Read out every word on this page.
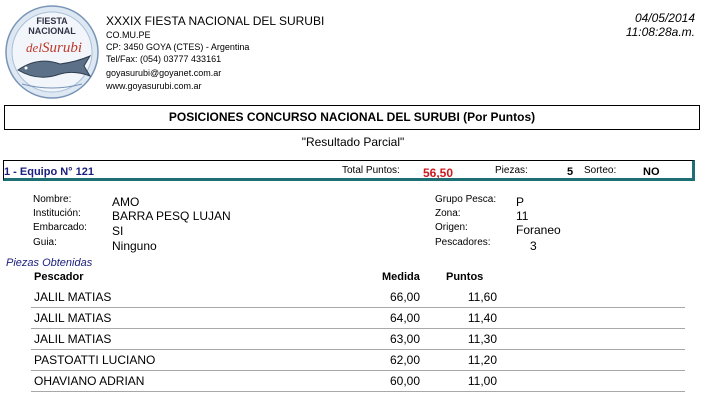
FIESTA
NACIONAL
del Surubi
XXXIX FIESTA NACIONAL DEL SURUBI
CO.MU.PE
CP: 3450 GOYA (CTES) - Argentina
Tel/Fax: (054) 03777 433161
goyasurubi@goyanet.com.ar
www.goyasurubi.com.ar
04/05/2014
11:08:28a.m.
POSICIONES CONCURSO NACIONAL DEL SURUBI (Por Puntos)
"Resultado Parcial"
1 - Equipo N° 121	Total Puntos: 56,50	Piezas:	5 Sorteo: NO
Nombre:	AMO
Institución:	BARRA PESQ LUJAN
Embarcado: SI
Guia:	Ninguno
Grupo Pesca: P
Zona:	11
Origen:	Foraneo
Pescadores:	3
Piezas Obtenidas
Pescador	Medida Puntos
JALIL MATIAS	66,00	11,60
JALIL MATIAS	64,00	11,40
JALIL MATIAS	63,00	11,30
PASTOATTI LUCIANO	62,00	11,20
OHAVIANO ADRIAN	60,00	11,00
